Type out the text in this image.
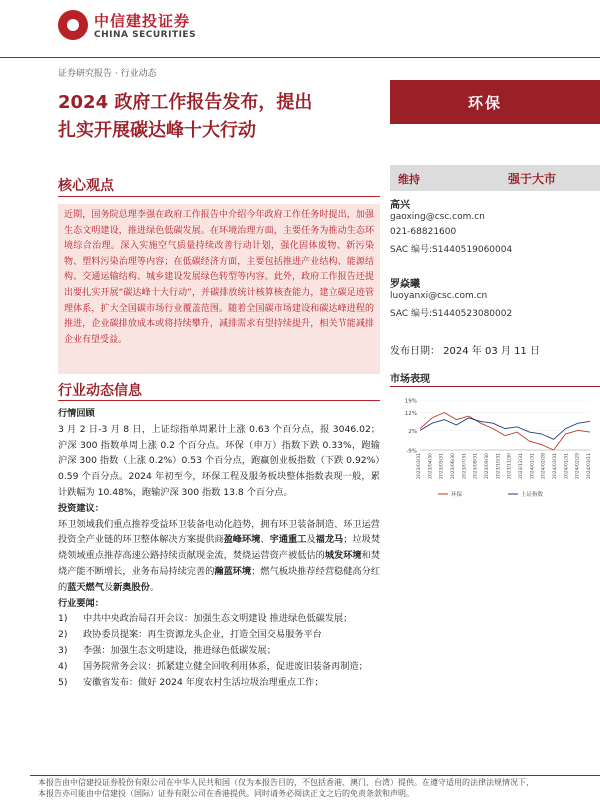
中信建投证券
CHINA SECURITIES
证券研究报告 · 行业动态
2024 政府工作报告发布，提出
扎实开展碳达峰十大行动
环保
维持	强于大市
高兴
gaoxing@csc.com.cn
021-68821600
SAC 编号:S1440519060004
罗焱曦
luoyanxi@csc.com.cn
SAC 编号:S1440523080002
发布日期： 2024 年 03 月 11 日
市场表现
19%
12%
2%
-9%
2023/03/31 2023/04/30 2023/05/31 2023/06/30 2023/07/31 2023/08/31 2023/09/30 2023/10/31 2023/11/30 2023/12/31 2024/01/31 2024/02/28 2024/03/31 2024/01/31 2024/02/29 2024/03/11
环保	上证指数
核心观点

近期，国务院总理李强在政府工作报告中介绍今年政府工作任务时提出，加强生态文明建设，推进绿色低碳发展。在环境治理方面，主要任务为推动生态环境综合治理。深入实施空气质量持续改善行动计划，强化固体废物、新污染物、塑料污染治理等内容；在低碳经济方面，主要包括推进产业结构、能源结构、交通运输结构、城乡建设发展绿色转型等内容。此外，政府工作报告还提出要扎实开展“碳达峰十大行动”，并碳排放统计核算核查能力，建立碳足迹管理体系，扩大全国碳市场行业覆盖范围。随着全国碳市场建设和碳达峰进程的推进，企业碳排放成本或将持续攀升，减排需求有望持续提升，相关节能减排企业有望受益。

行业动态信息
行情回顾
3 月 2 日-3 月 8 日，上证综指单周累计上涨 0.63 个百分点，报 3046.02；沪深 300 指数单周上涨 0.2 个百分点。环保（申万）指数下跌 0.33%，跑输沪深 300 指数（上涨 0.2%）0.53 个百分点，跑赢创业板指数（下跌 0.92%）0.59 个百分点。2024 年初至今，环保工程及服务板块整体指数表现一般，累计跌幅为 10.48%，跑输沪深 300 指数 13.8 个百分点。
投资建议：
环卫领域我们重点推荐受益环卫装备电动化趋势，拥有环卫装备制造、环卫运营投资全产业链的环卫整体解决方案提供商盈峰环境、宇通重工及福龙马；垃圾焚烧领域重点推荐高速公路持续贡献现金流，焚烧运营资产被低估的城发环境和焚烧产能不断增长，业务布局持续完善的瀚蓝环境；燃气板块推荐经营稳健高分红的蓝天燃气及新奥股份。
行业要闻：
1) 中共中央政治局召开会议：加强生态文明建设 推进绿色低碳发展；
2) 政协委员提案：再生资源龙头企业，打造全国交易服务平台
3) 李强：加强生态文明建设，推进绿色低碳发展；
4) 国务院常务会议：抓紧建立健全回收利用体系，促进废旧装备再制造；
5) 安徽省发布：做好 2024 年度农村生活垃圾治理重点工作；
本报告由中信建投证券股份有限公司在中华人民共和国（仅为本报告目的，不包括香港、澳门、台湾）提供。在遵守适用的法律法规情况下，
本报告亦可能由中信建投（国际）证券有限公司在香港提供。同时请务必阅读正文之后的免责条款和声明。
